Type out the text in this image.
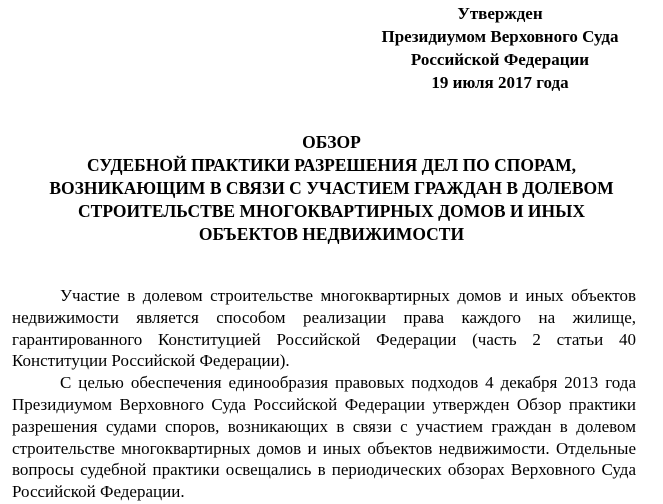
Утвержден
Президиумом Верховного Суда
Российской Федерации
19 июля 2017 года
ОБЗОР
СУДЕБНОЙ ПРАКТИКИ РАЗРЕШЕНИЯ ДЕЛ ПО СПОРАМ,
ВОЗНИКАЮЩИМ В СВЯЗИ С УЧАСТИЕМ ГРАЖДАН В ДОЛЕВОМ
СТРОИТЕЛЬСТВЕ МНОГОКВАРТИРНЫХ ДОМОВ И ИНЫХ
ОБЪЕКТОВ НЕДВИЖИМОСТИ

Участие в долевом строительстве многоквартирных домов и иных объектов недвижимости является способом реализации права каждого на жилище, гарантированного Конституцией Российской Федерации (часть 2 статьи 40 Конституции Российской Федерации).

С целью обеспечения единообразия правовых подходов 4 декабря 2013 года Президиумом Верховного Суда Российской Федерации утвержден Обзор практики разрешения судами споров, возникающих в связи с участием граждан в долевом строительстве многоквартирных домов и иных объектов недвижимости. Отдельные вопросы судебной практики освещались в периодических обзорах Верховного Суда Российской Федерации.
